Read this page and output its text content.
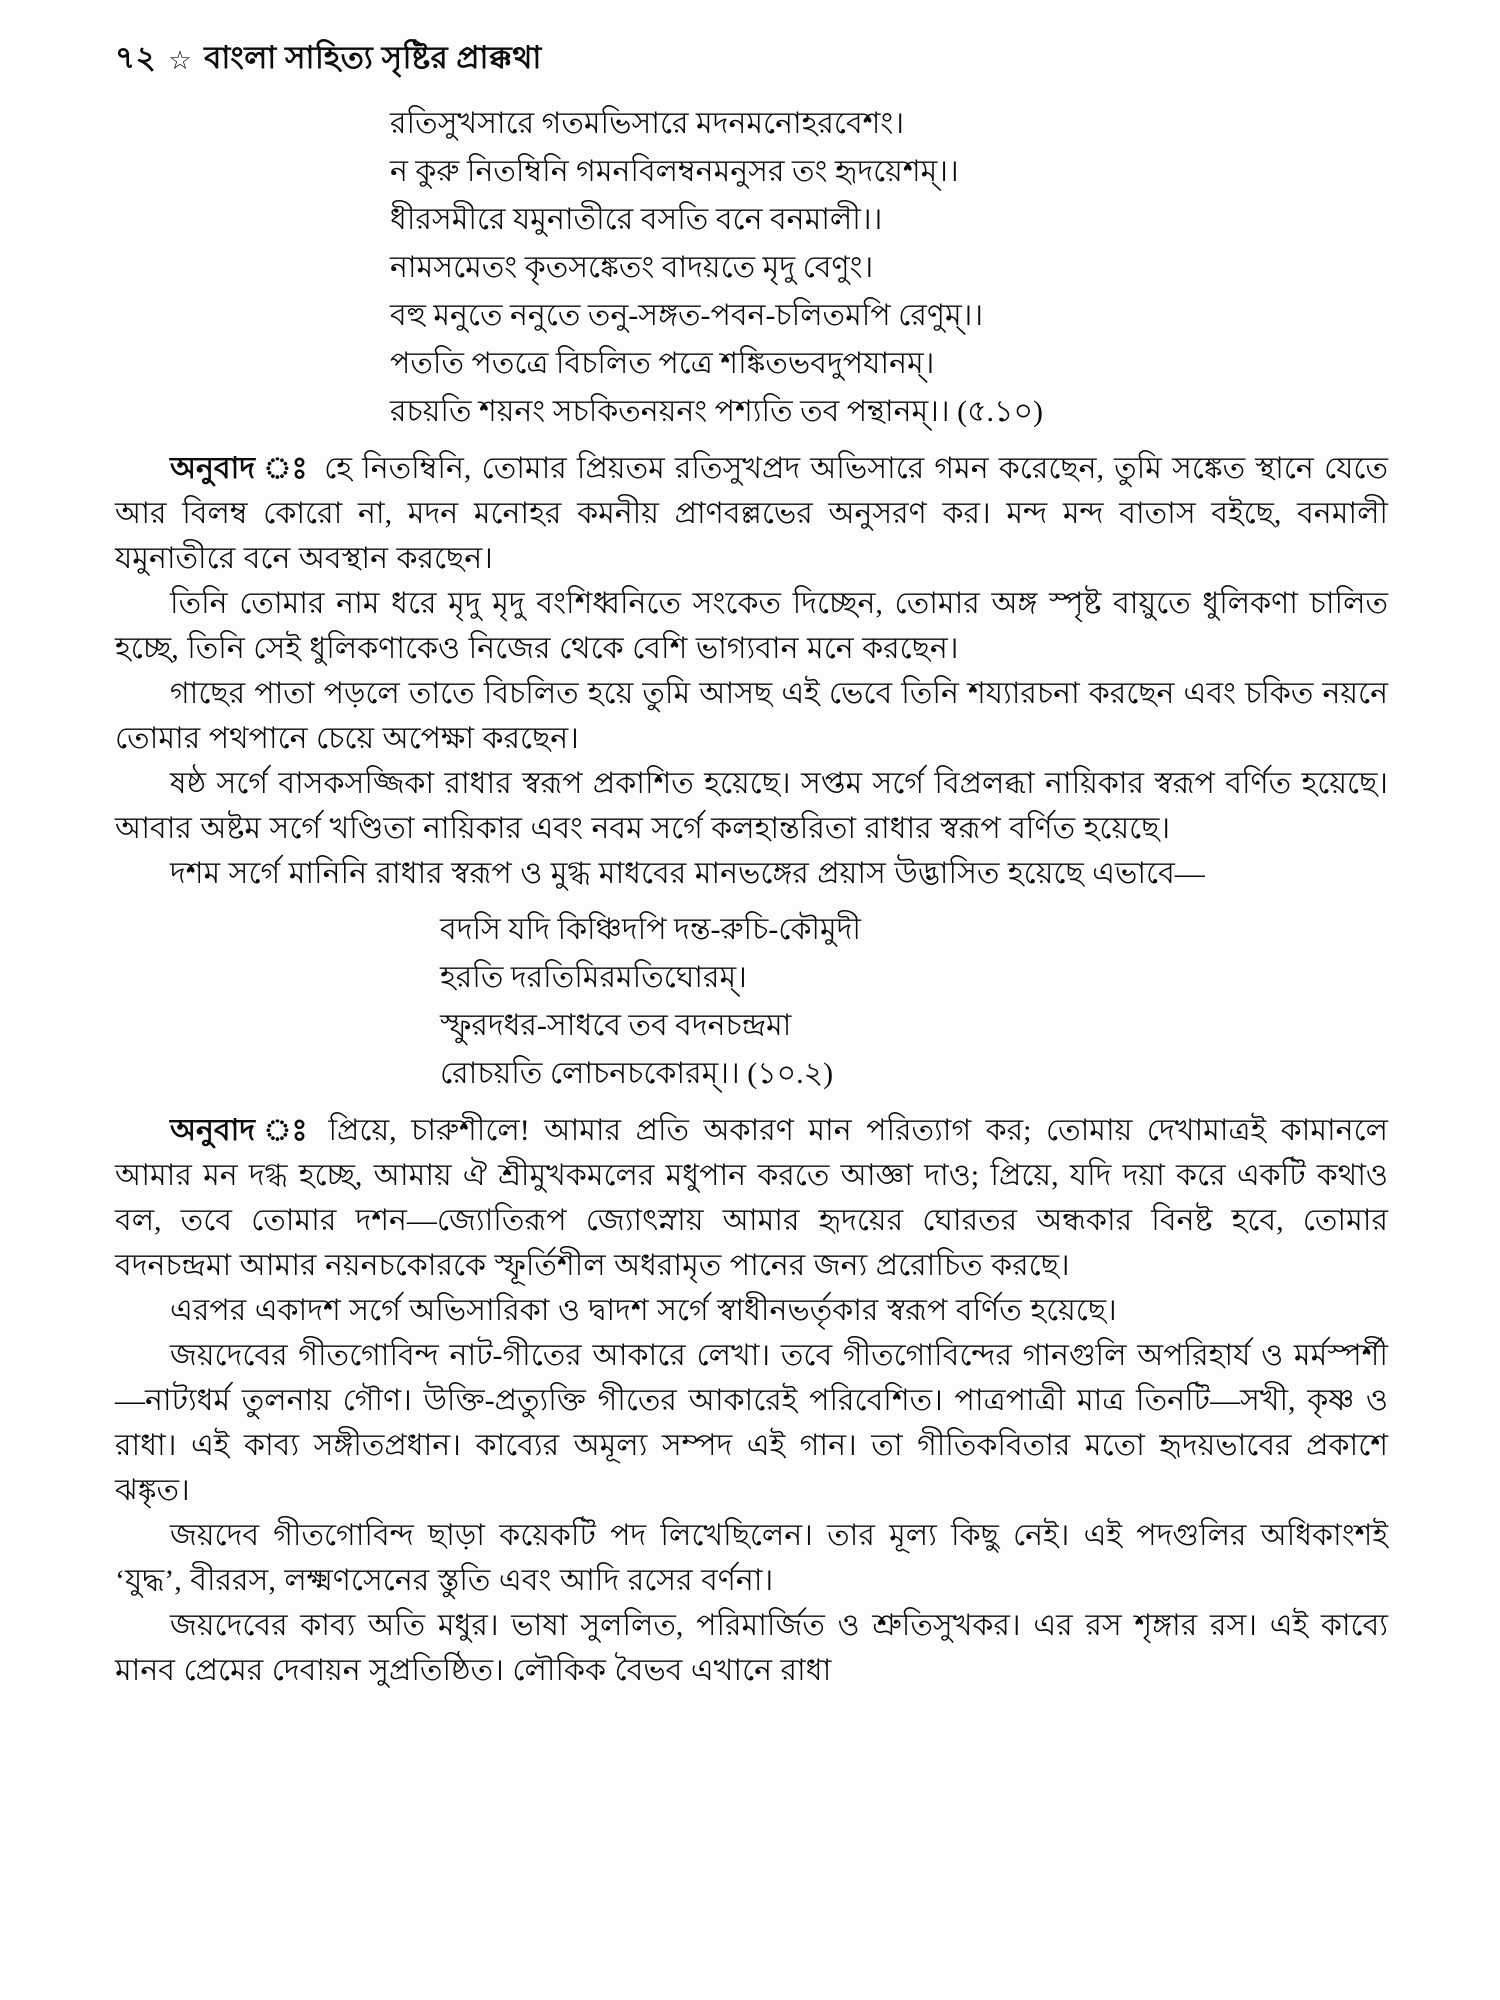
৭২ ☆ বাংলা সাহিত্য সৃষ্টির প্রাক্কথা

রতিসুখসারে গতমভিসারে মদনমনোহরবেশং।

ন কুরু নিতম্বিনি গমনবিলম্বনমনুসর তং হৃদয়েশম্।।

ধীরসমীরে যমুনাতীরে বসতি বনে বনমালী।।

নামসমেতং কৃতসঙ্কেতং বাদয়তে মৃদু বেণুং।

বহু মনুতে ননুতে তনু-সঙ্গত-পবন-চলিতমপি রেণুম্।।

পততি পতত্রে বিচলিত পত্রে শঙ্কিতভবদুপযানম্।

রচয়তি শয়নং সচকিতনয়নং পশ্যতি তব পন্থানম্।। (৫.১০)

অনুবাদ ঃ হে নিতম্বিনি, তোমার প্রিয়তম রতিসুখপ্রদ অভিসারে গমন করেছেন, তুমি সঙ্কেত স্থানে যেতে আর বিলম্ব কোরো না, মদন মনোহর কমনীয় প্রাণবল্লভের অনুসরণ কর। মন্দ মন্দ বাতাস বইছে, বনমালী যমুনাতীরে বনে অবস্থান করছেন।

তিনি তোমার নাম ধরে মৃদু মৃদু বংশিধ্বনিতে সংকেত দিচ্ছেন, তোমার অঙ্গ স্পৃষ্ট বায়ুতে ধুলিকণা চালিত হচ্ছে, তিনি সেই ধুলিকণাকেও নিজের থেকে বেশি ভাগ্যবান মনে করছেন।

গাছের পাতা পড়লে তাতে বিচলিত হয়ে তুমি আসছ এই ভেবে তিনি শয্যারচনা করছেন এবং চকিত নয়নে তোমার পথপানে চেয়ে অপেক্ষা করছেন।

ষষ্ঠ সর্গে বাসকসজ্জিকা রাধার স্বরূপ প্রকাশিত হয়েছে। সপ্তম সর্গে বিপ্রলব্ধা নায়িকার স্বরূপ বর্ণিত হয়েছে। আবার অষ্টম সর্গে খণ্ডিতা নায়িকার এবং নবম সর্গে কলহান্তরিতা রাধার স্বরূপ বর্ণিত হয়েছে।

দশম সর্গে মানিনি রাধার স্বরূপ ও মুগ্ধ মাধবের মানভঙ্গের প্রয়াস উদ্ভাসিত হয়েছে এভাবে—

বদসি যদি কিঞ্চিদপি দন্ত-রুচি-কৌমুদী

হরতি দরতিমিরমতিঘোরম্।

স্ফুরদধর-সাধবে তব বদনচন্দ্রমা

রোচয়তি লোচনচকোরম্।। (১০.২)

অনুবাদ ঃ প্রিয়ে, চারুশীলে! আমার প্রতি অকারণ মান পরিত্যাগ কর; তোমায় দেখামাত্রই কামানলে আমার মন দগ্ধ হচ্ছে, আমায় ঐ শ্রীমুখকমলের মধুপান করতে আজ্ঞা দাও; প্রিয়ে, যদি দয়া করে একটি কথাও বল, তবে তোমার দশন—জ্যোতিরূপ জ্যোৎস্নায় আমার হৃদয়ের ঘোরতর অন্ধকার বিনষ্ট হবে, তোমার বদনচন্দ্রমা আমার নয়নচকোরকে স্ফূর্তিশীল অধরামৃত পানের জন্য প্ররোচিত করছে।

এরপর একাদশ সর্গে অভিসারিকা ও দ্বাদশ সর্গে স্বাধীনভর্তৃকার স্বরূপ বর্ণিত হয়েছে।

জয়দেবের গীতগোবিন্দ নাট-গীতের আকারে লেখা। তবে গীতগোবিন্দের গানগুলি অপরিহার্য ও মর্মস্পর্শী—নাট্যধর্ম তুলনায় গৌণ। উক্তি-প্রত্যুক্তি গীতের আকারেই পরিবেশিত। পাত্রপাত্রী মাত্র তিনটি—সখী, কৃষ্ণ ও রাধা। এই কাব্য সঙ্গীতপ্রধান। কাব্যের অমূল্য সম্পদ এই গান। তা গীতিকবিতার মতো হৃদয়ভাবের প্রকাশে ঝঙ্কৃত।

জয়দেব গীতগোবিন্দ ছাড়া কয়েকটি পদ লিখেছিলেন। তার মূল্য কিছু নেই। এই পদগুলির অধিকাংশই ‘যুদ্ধ’, বীররস, লক্ষ্মণসেনের স্তুতি এবং আদি রসের বর্ণনা।

জয়দেবের কাব্য অতি মধুর। ভাষা সুললিত, পরিমার্জিত ও শ্রুতিসুখকর। এর রস শৃঙ্গার রস। এই কাব্যে মানব প্রেমের দেবায়ন সুপ্রতিষ্ঠিত। লৌকিক বৈভব এখানে রাধা
